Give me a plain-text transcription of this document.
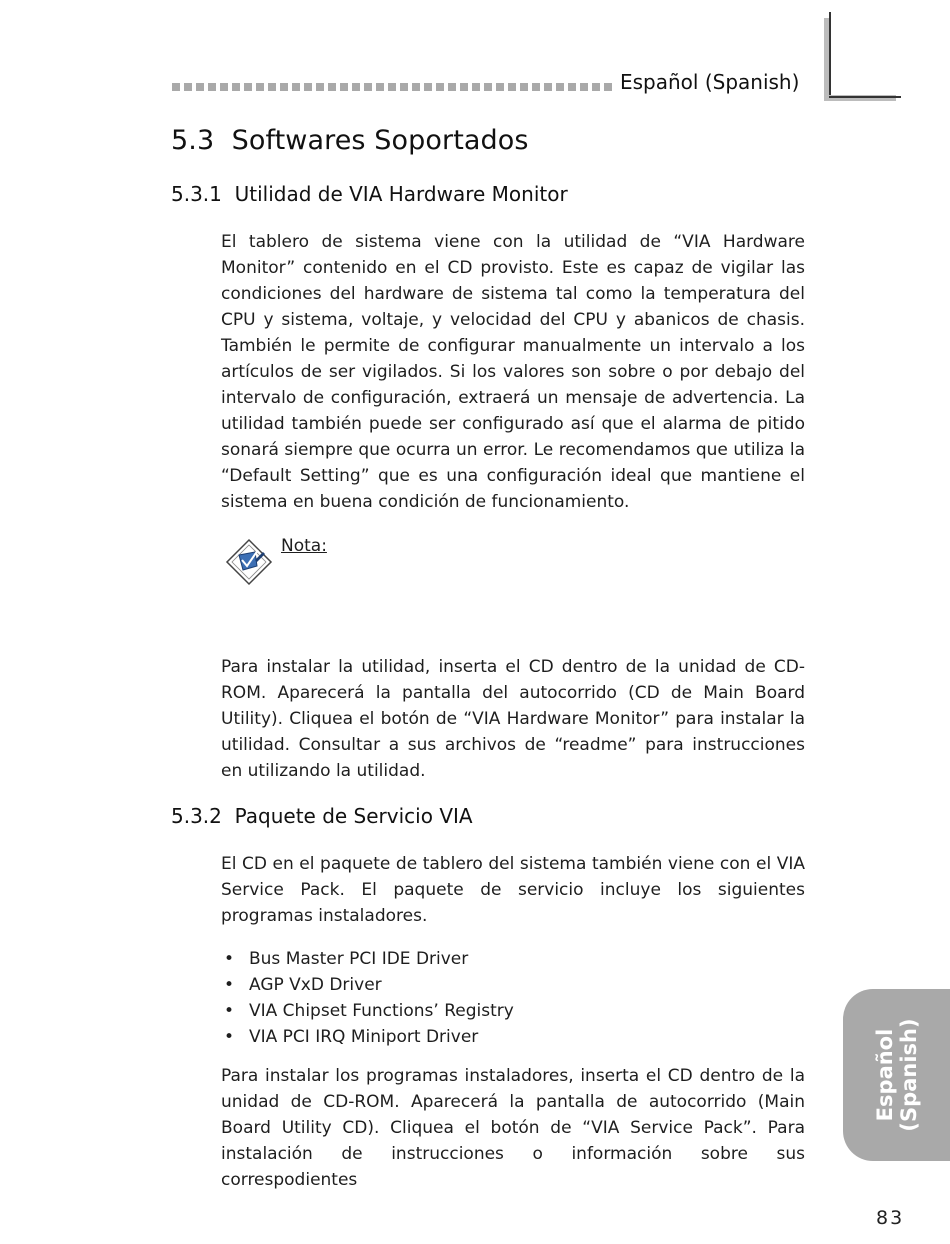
Español (Spanish)
5.3  Softwares Soportados
5.3.1  Utilidad de VIA Hardware Monitor

El tablero de sistema viene con la utilidad de “VIA Hardware Monitor” contenido en el CD provisto. Este es capaz de vigilar las condiciones del hardware de sistema tal como la temperatura del CPU y sistema, voltaje, y velocidad del CPU y abanicos de chasis. También le permite de configurar manualmente un intervalo a los artículos de ser vigilados. Si los valores son sobre o por debajo del intervalo de configuración, extraerá un mensaje de advertencia. La utilidad también puede ser configurado así que el alarma de pitido sonará siempre que ocurra un error. Le recomendamos que utiliza la “Default Setting” que es una configuración ideal que mantiene el sistema en buena condición de funcionamiento.

Nota:

Para instalar la utilidad, inserta el CD dentro de la unidad de CD-ROM. Aparecerá la pantalla del autocorrido (CD de Main Board Utility). Cliquea el botón de “VIA Hardware Monitor” para instalar la utilidad. Consultar a sus archivos de “readme” para instrucciones en utilizando la utilidad.

5.3.2  Paquete de Servicio VIA

El CD en el paquete de tablero del sistema también viene con el VIA Service Pack. El paquete de servicio incluye los siguientes programas instaladores.

• Bus Master PCI IDE Driver
• AGP VxD Driver
• VIA Chipset Functions’ Registry
• VIA PCI IRQ Miniport Driver

Para instalar los programas instaladores, inserta el CD dentro de la unidad de CD-ROM. Aparecerá la pantalla de autocorrido (Main Board Utility CD). Cliquea el botón de “VIA Service Pack”. Para instalación de instrucciones o información sobre sus correspodientes

Español (Spanish)
83
